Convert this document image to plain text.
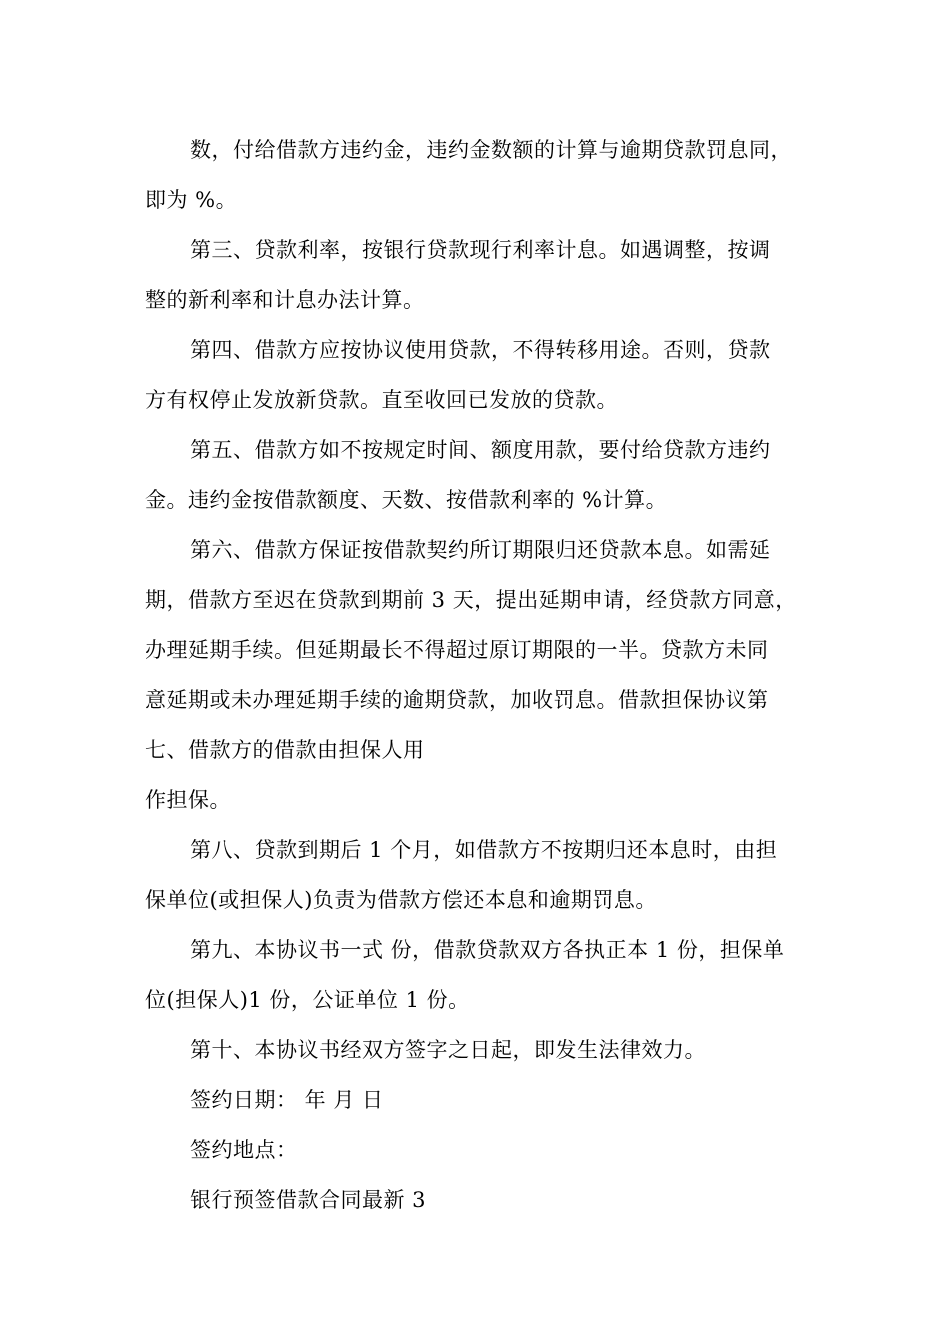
数，付给借款方违约金，违约金数额的计算与逾期贷款罚息同，
即为 %。
第三、贷款利率，按银行贷款现行利率计息。如遇调整，按调
整的新利率和计息办法计算。
第四、借款方应按协议使用贷款，不得转移用途。否则，贷款
方有权停止发放新贷款。直至收回已发放的贷款。
第五、借款方如不按规定时间、额度用款，要付给贷款方违约
金。违约金按借款额度、天数、按借款利率的 %计算。
第六、借款方保证按借款契约所订期限归还贷款本息。如需延
期，借款方至迟在贷款到期前 3 天，提出延期申请，经贷款方同意，
办理延期手续。但延期最长不得超过原订期限的一半。贷款方未同
意延期或未办理延期手续的逾期贷款，加收罚息。借款担保协议第
七、借款方的借款由担保人用
作担保。
第八、贷款到期后 1 个月，如借款方不按期归还本息时，由担
保单位(或担保人)负责为借款方偿还本息和逾期罚息。
第九、本协议书一式 份，借款贷款双方各执正本 1 份，担保单
位(担保人)1 份，公证单位 1 份。
第十、本协议书经双方签字之日起，即发生法律效力。
签约日期： 年 月 日
签约地点：
银行预签借款合同最新 3
